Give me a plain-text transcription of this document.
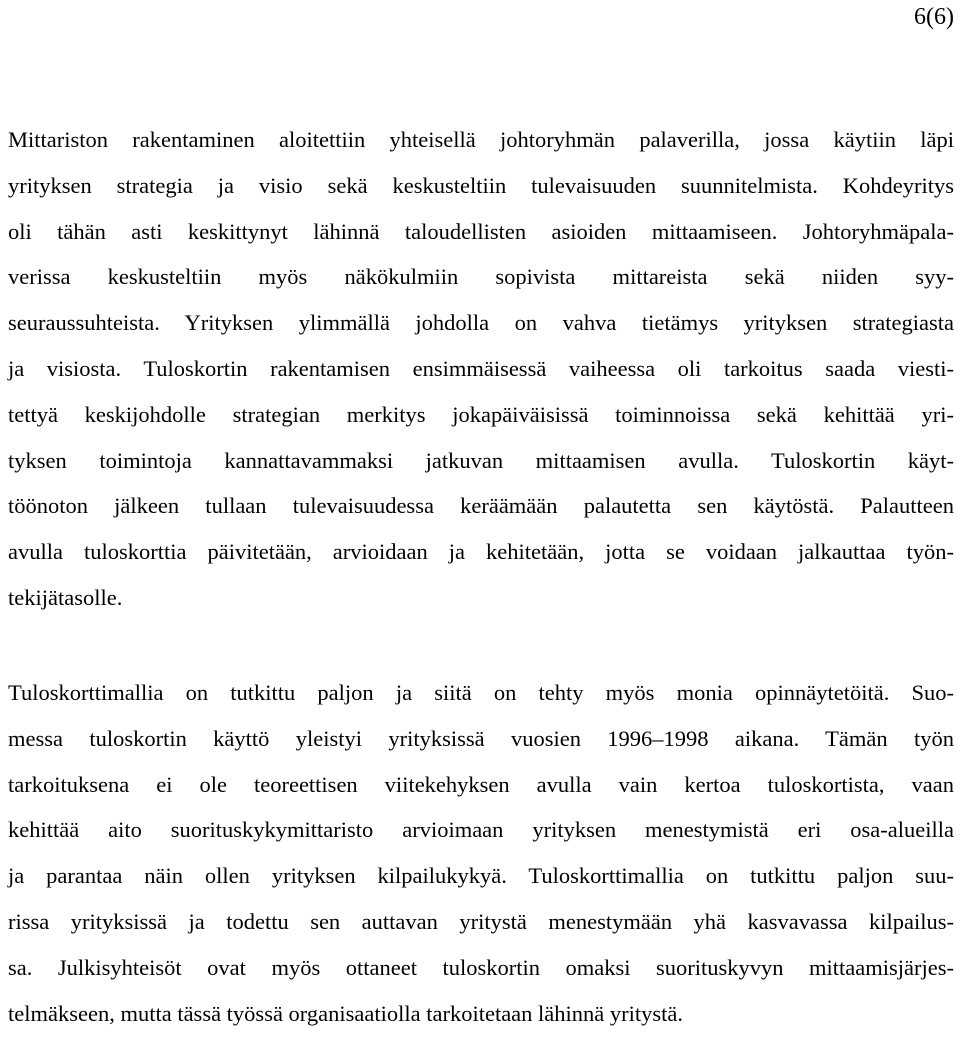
6(6)
Mittariston rakentaminen aloitettiin yhteisellä johtoryhmän palaverilla, jossa käytiin läpi
yrityksen strategia ja visio sekä keskusteltiin tulevaisuuden suunnitelmista. Kohdeyritys
oli tähän asti keskittynyt lähinnä taloudellisten asioiden mittaamiseen. Johtoryhmäpala-
verissa keskusteltiin myös näkökulmiin sopivista mittareista sekä niiden syy-
seuraussuhteista. Yrityksen ylimmällä johdolla on vahva tietämys yrityksen strategiasta
ja visiosta. Tuloskortin rakentamisen ensimmäisessä vaiheessa oli tarkoitus saada viesti-
tettyä keskijohdolle strategian merkitys jokapäiväisissä toiminnoissa sekä kehittää yri-
tyksen toimintoja kannattavammaksi jatkuvan mittaamisen avulla. Tuloskortin käyt-
töönoton jälkeen tullaan tulevaisuudessa keräämään palautetta sen käytöstä. Palautteen
avulla tuloskorttia päivitetään, arvioidaan ja kehitetään, jotta se voidaan jalkauttaa työn-
tekijätasolle.
Tuloskorttimallia on tutkittu paljon ja siitä on tehty myös monia opinnäytetöitä. Suo-
messa tuloskortin käyttö yleistyi yrityksissä vuosien 1996–1998 aikana. Tämän työn
tarkoituksena ei ole teoreettisen viitekehyksen avulla vain kertoa tuloskortista, vaan
kehittää aito suorituskykymittaristo arvioimaan yrityksen menestymistä eri osa-alueilla
ja parantaa näin ollen yrityksen kilpailukykyä. Tuloskorttimallia on tutkittu paljon suu-
rissa yrityksissä ja todettu sen auttavan yritystä menestymään yhä kasvavassa kilpailus-
sa. Julkisyhteisöt ovat myös ottaneet tuloskortin omaksi suorituskyvyn mittaamisjärjes-
telmäkseen, mutta tässä työssä organisaatiolla tarkoitetaan lähinnä yritystä.
